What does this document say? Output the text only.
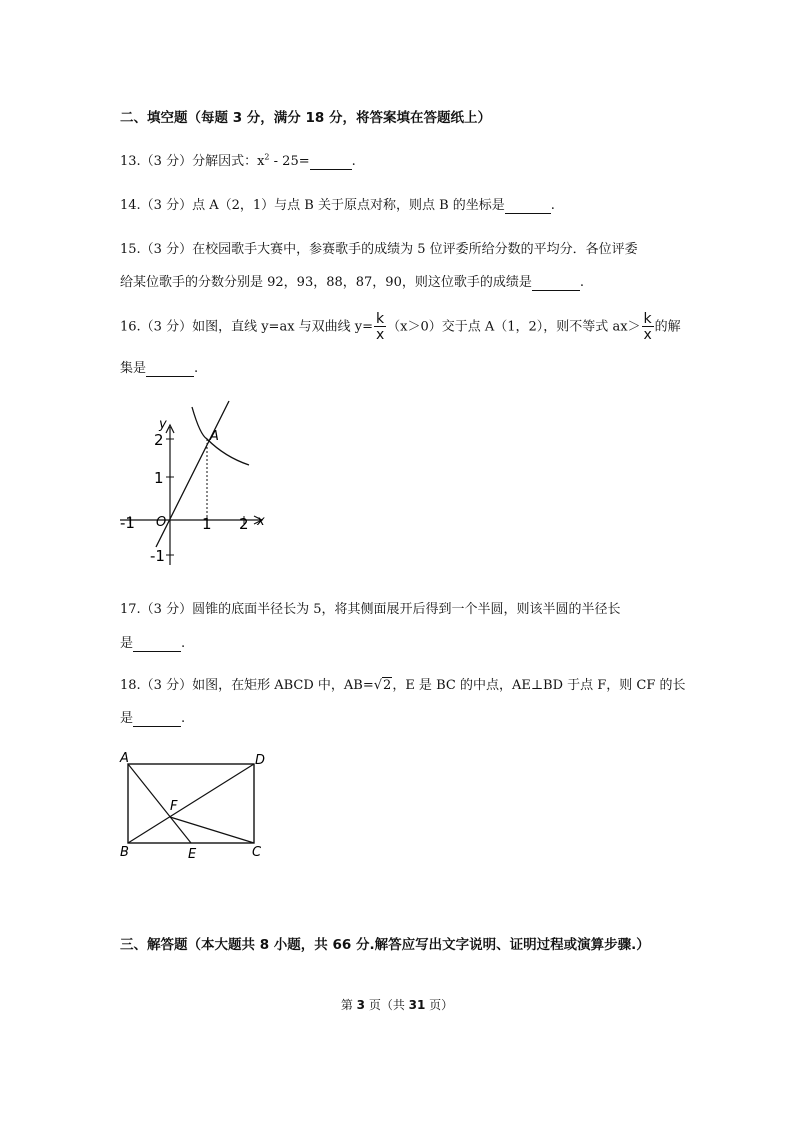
二、填空题（每题 3 分，满分 18 分，将答案填在答题纸上）
13.（3 分）分解因式：$x^2 - 25=$	.
14.（3 分）点 A（2，1）与点 B 关于原点对称，则点 B 的坐标是	.
15.（3 分）在校园歌手大赛中，参赛歌手的成绩为 5 位评委所给分数的平均分．各位评委
给某位歌手的分数分别是 92，93，88，87，90，则这位歌手的成绩是	.
16.（3 分）如图，直线 y=ax 与双曲线 $y= \frac{k}{x} (x>0)$交于点 A（1，2），则不等式 $ax> \frac{k}{x}$ 的解
集是	.
y
x
O
A
-1	1 2
2
1
-1
17.（3 分）圆锥的底面半径长为 5，将其侧面展开后得到一个半圆，则该半圆的半径长
是	.
18.（3 分）如图，在矩形 ABCD 中，AB=√2，E 是 BC 的中点，AE⊥BD 于点 F，则 CF 的长
是	.
A	D
B	C
E
F
三、解答题（本大题共 8 小题，共 66 分.解答应写出文字说明、证明过程或演算步骤.）
第 3 页（共 31 页）
